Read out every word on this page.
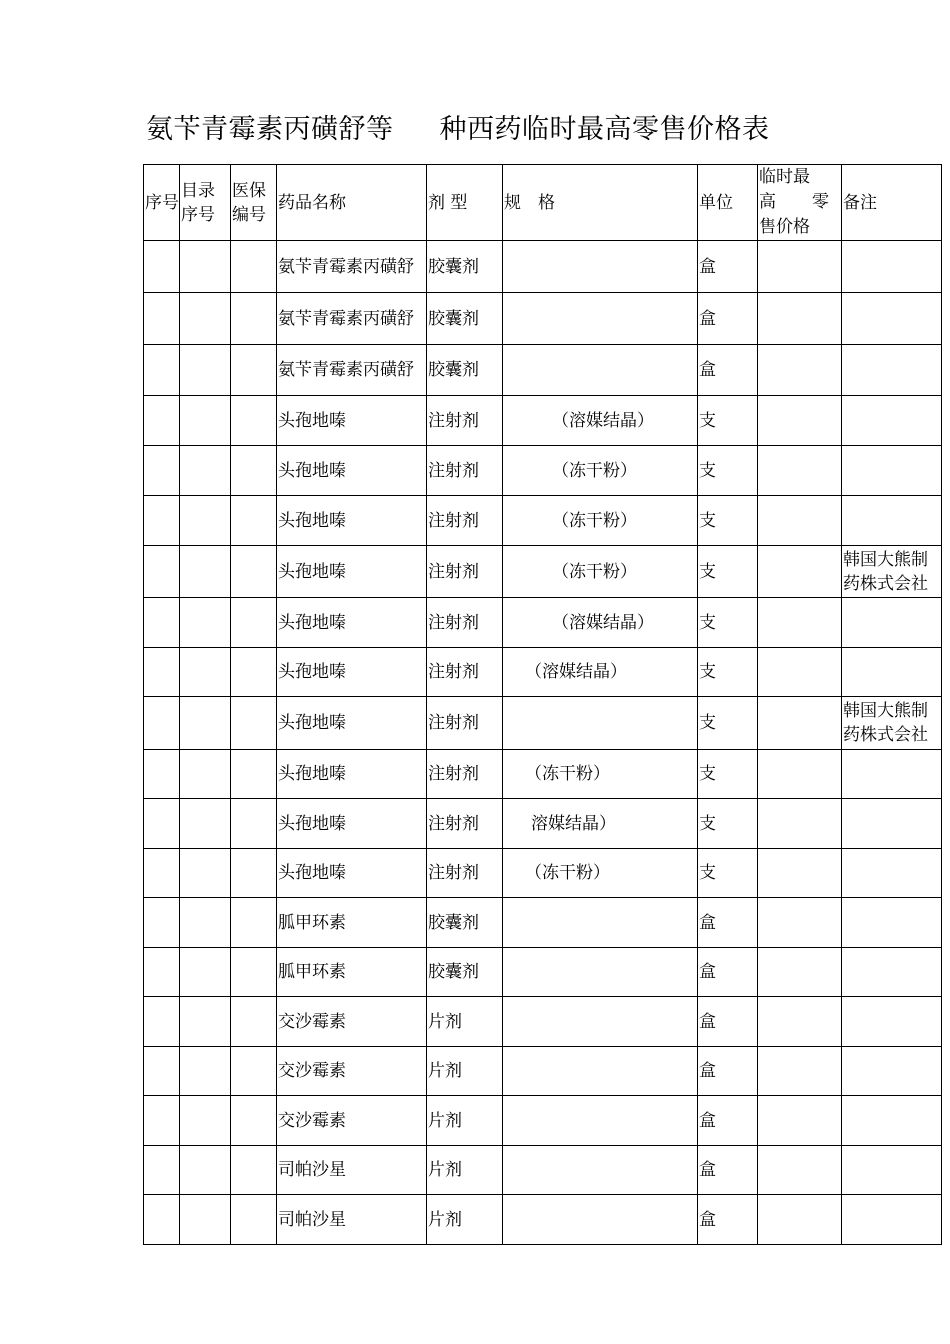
氨苄青霉素丙磺舒等 种西药临时最高零售价格表
序号	目录序号	医保编号	药品名称	剂 型	规　格	单位	临时最
高 零
售价格	备注
			氨苄青霉素丙磺舒	胶囊剂		盒		
			氨苄青霉素丙磺舒	胶囊剂		盒		
			氨苄青霉素丙磺舒	胶囊剂		盒		
			头孢地嗪	注射剂	（溶媒结晶）	支		
			头孢地嗪	注射剂	（冻干粉）	支		
			头孢地嗪	注射剂	（冻干粉）	支		
			头孢地嗪	注射剂	（冻干粉）	支		韩国大熊制药株式会社
			头孢地嗪	注射剂	（溶媒结晶）	支		
			头孢地嗪	注射剂	（溶媒结晶）	支		
			头孢地嗪	注射剂		支		韩国大熊制药株式会社
			头孢地嗪	注射剂	（冻干粉）	支		
			头孢地嗪	注射剂	溶媒结晶）	支		
			头孢地嗪	注射剂	（冻干粉）	支		
			胍甲环素	胶囊剂		盒		
			胍甲环素	胶囊剂		盒		
			交沙霉素	片剂		盒		
			交沙霉素	片剂		盒		
			交沙霉素	片剂		盒		
			司帕沙星	片剂		盒		
			司帕沙星	片剂		盒		
